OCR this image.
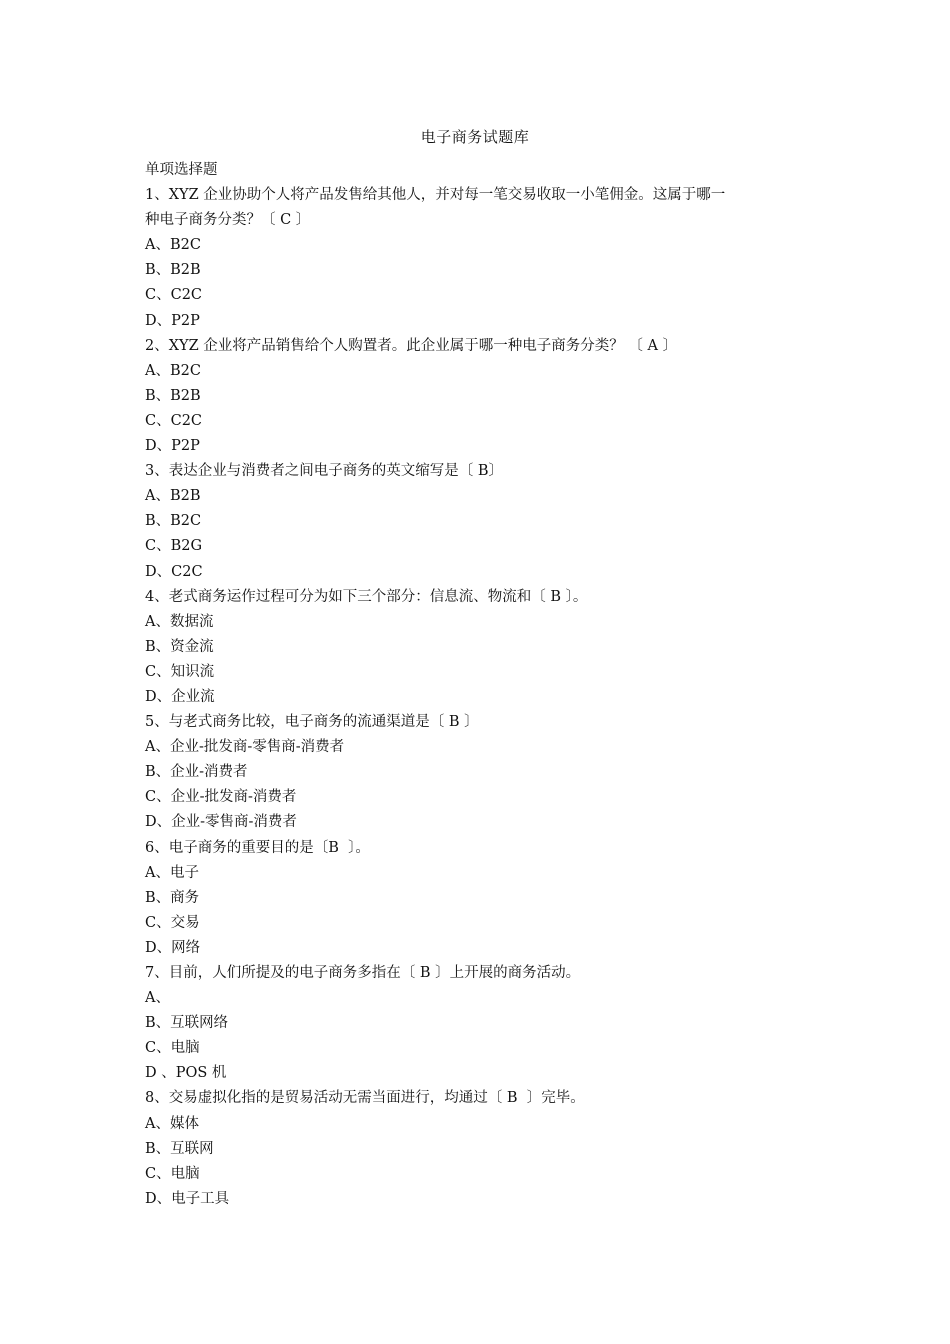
电子商务试题库
单项选择题
1、XYZ 企业协助个人将产品发售给其他人，并对每一笔交易收取一小笔佣金。这属于哪一
种电子商务分类？〔 C 〕
A、B2C
B、B2B
C、C2C
D、P2P
2、XYZ 企业将产品销售给个人购置者。此企业属于哪一种电子商务分类？ 〔 A 〕
A、B2C
B、B2B
C、C2C
D、P2P
3、表达企业与消费者之间电子商务的英文缩写是〔 B〕
A、B2B
B、B2C
C、B2G
D、C2C
4、老式商务运作过程可分为如下三个部分：信息流、物流和〔 B 〕。
A、数据流
B、资金流
C、知识流
D、企业流
5、与老式商务比较，电子商务的流通渠道是〔 B 〕
A、企业-批发商-零售商-消费者
B、企业-消费者
C、企业-批发商-消费者
D、企业-零售商-消费者
6、电子商务的重要目的是〔B  〕。
A、电子
B、商务
C、交易
D、网络
7、目前，人们所提及的电子商务多指在〔 B 〕上开展的商务活动。
A、
B、互联网络
C、电脑
D 、POS 机
8、交易虚拟化指的是贸易活动无需当面进行，均通过〔 B  〕完毕。
A、媒体
B、互联网
C、电脑
D、电子工具
